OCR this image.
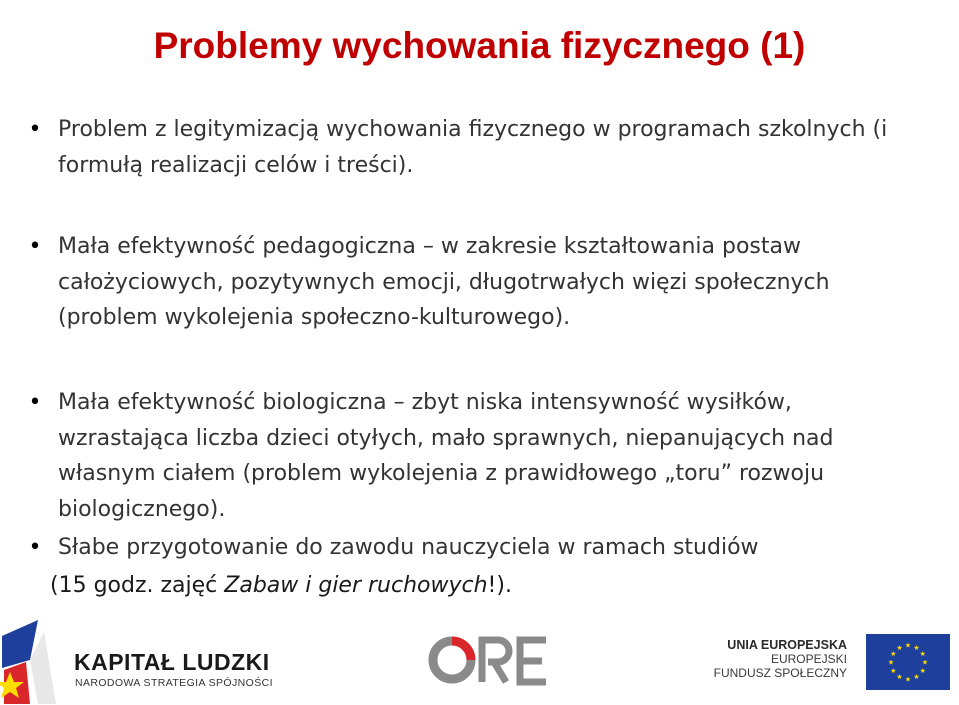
Problemy wychowania fizycznego (1)
• Problem z legitymizacją wychowania fizycznego w programach szkolnych (i
formułą realizacji celów i treści).
• Mała efektywność pedagogiczna – w zakresie kształtowania postaw
całożyciowych, pozytywnych emocji, długotrwałych więzi społecznych
(problem wykolejenia społeczno-kulturowego).
• Mała efektywność biologiczna – zbyt niska intensywność wysiłków,
wzrastająca liczba dzieci otyłych, mało sprawnych, niepanujących nad
własnym ciałem (problem wykolejenia z prawidłowego „toru” rozwoju
biologicznego).
• Słabe przygotowanie do zawodu nauczyciela w ramach studiów
(15 godz. zajęć Zabaw i gier ruchowych!).
KAPITAŁ LUDZKI
NARODOWA STRATEGIA SPÓJNOŚCI
UNIA EUROPEJSKA
EUROPEJSKI
FUNDUSZ SPOŁECZNY
★ ★
★
★
★
★
★
★
★
★
★
★
